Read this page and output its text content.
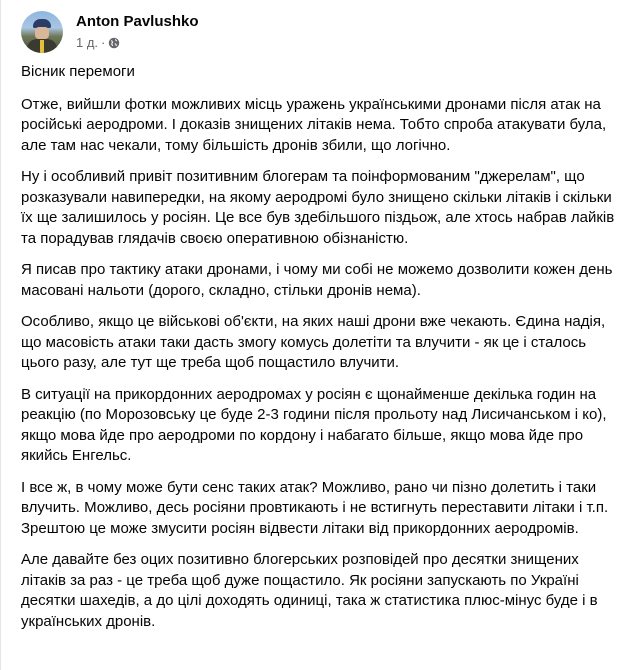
Anton Pavlushko
1 д. ·

Вісник перемоги

Отже, вийшли фотки можливих місць уражень українськими дронами після атак на російські аеродроми. І доказів знищених літаків нема. Тобто спроба атакувати була, але там нас чекали, тому більшість дронів збили, що логічно.

Ну і особливий привіт позитивним блогерам та поінформованим "джерелам", що розказували навипередки, на якому аеродромі було знищено скільки літаків і скільки їх ще залишилось у росіян. Це все був здебільшого піздьож, але хтось набрав лайків та порадував глядачів своєю оперативною обізнаністю.

Я писав про тактику атаки дронами, і чому ми собі не можемо дозволити кожен день масовані нальоти (дорого, складно, стільки дронів нема).

Особливо, якщо це військові об'єкти, на яких наші дрони вже чекають. Єдина надія, що масовість атаки таки дасть змогу комусь долетіти та влучити - як це і сталось цього разу, але тут ще треба щоб пощастило влучити.

В ситуації на прикордонних аеродромах у росіян є щонайменше декілька годин на реакцію (по Морозовську це буде 2-3 години після прольоту над Лисичанськом і ко), якщо мова йде про аеродроми по кордону і набагато більше, якщо мова йде про якийсь Енгельс.

І все ж, в чому може бути сенс таких атак? Можливо, рано чи пізно долетить і таки влучить. Можливо, десь росіяни провтикають і не встигнуть переставити літаки і т.п. Зрештою це може змусити росіян відвести літаки від прикордонних аеродромів.

Але давайте без оцих позитивно блогерських розповідей про десятки знищених літаків за раз - це треба щоб дуже пощастило. Як росіяни запускають по Україні десятки шахедів, а до цілі доходять одиниці, така ж статистика плюс-мінус буде і в українських дронів.
